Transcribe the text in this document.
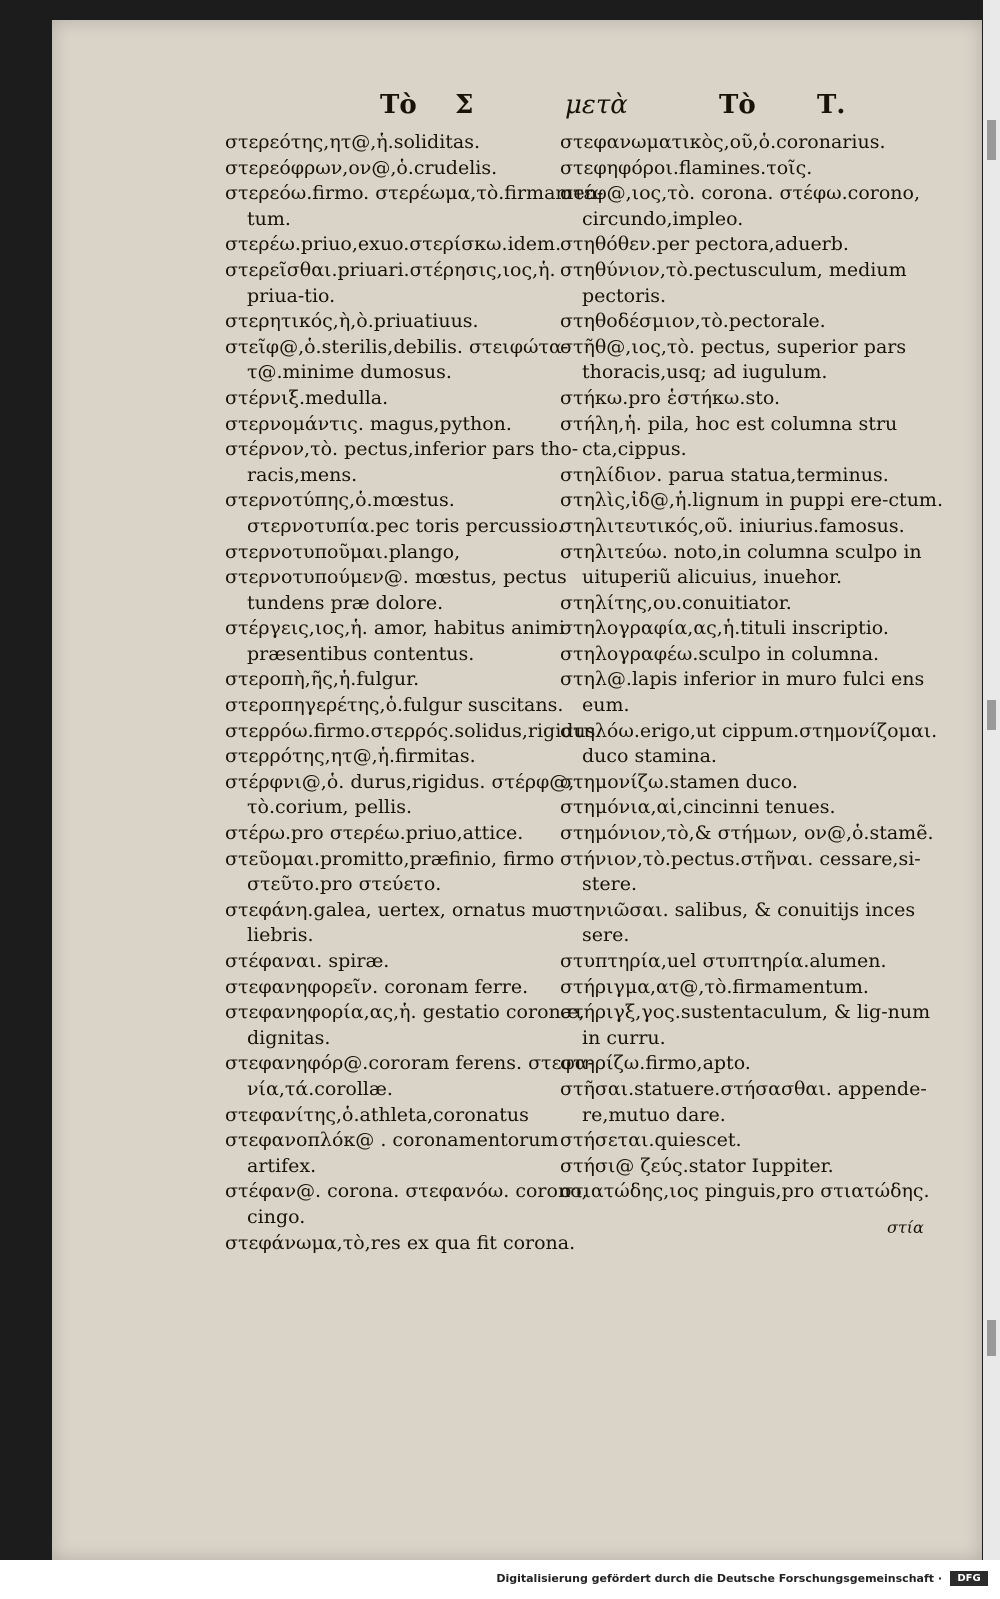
Τὸ Σ	μετὰ	Τὸ Τ.
στερεότης,ητ@,ἡ.soliditas.
στερεόφρων,ον@,ὁ.crudelis.
στερεόω.firmo. στερέωμα,τὸ.firmamen-tum.
στερέω.priuo,exuo.στερίσκω.idem.
στερεῖσθαι.priuari.στέρησις,ιος,ἡ. priua-tio.
στερητικός,ὴ,ὸ.priuatiuus.
στεῖφ@,ὁ.sterilis,debilis. στειφώτα-τ@.minime dumosus.
στέρνιξ.medulla.
στερνομάντις. magus,python.
στέρνον,τὸ. pectus,inferior pars tho-racis,mens.
στερνοτύπης,ὁ.mœstus. στερνοτυπία.pec toris percussio.
στερνοτυποῦμαι.plango,
στερνοτυπούμεν@. mœstus, pectus tundens præ dolore.
στέργεις,ιος,ἡ. amor, habitus animi præsentibus contentus.
στεροπὴ,ῆς,ἡ.fulgur.
στεροπηγερέτης,ὁ.fulgur suscitans.
στερρόω.firmo.στερρός.solidus,rigidus
στερρότης,ητ@,ἡ.firmitas.
στέρφνι@,ὁ. durus,rigidus. στέρφ@, τὸ.corium, pellis.
στέρω.pro στερέω.priuo,attice.
στεῦομαι.promitto,præfinio, firmo στεῦτο.pro στεύετο.
στεφάνη.galea, uertex, ornatus mu liebris.
στέφαναι. spiræ.
στεφανηφορεῖν. coronam ferre.
στεφανηφορία,ας,ἡ. gestatio coronæ, dignitas.
στεφανηφόρ@.cororam ferens. στεφα-νία,τά.corollæ.
στεφανίτης,ὁ.athleta,coronatus
στεφανοπλόκ@ . coronamentorum artifex.
στέφαν@. corona. στεφανόω. corono, cingo.
στεφάνωμα,τὸ,res ex qua fit corona.
στεφανωματικὸς,οῦ,ὁ.coronarius.
στεφηφόροι.flamines.τοῖς.
στέφ@,ιος,τὸ. corona. στέφω.corono, circundo,impleo.
στηθόθεν.per pectora,aduerb.
στηθύνιον,τὸ.pectusculum, medium pectoris.
στηθοδέσμιον,τὸ.pectorale.
στῆθ@,ιος,τὸ. pectus, superior pars thoracis,usq; ad iugulum.
στήκω.pro ἑστήκω.sto.
στήλη,ἡ. pila, hoc est columna stru cta,cippus.
στηλίδιον. parua statua,terminus.
στηλὶς,ἰδ@,ἡ.lignum in puppi ere-ctum.
στηλιτευτικός,οῦ. iniurius.famosus.
στηλιτεύω. noto,in columna sculpo in uituperiũ alicuius, inuehor.
στηλίτης,ου.conuitiator.
στηλογραφία,ας,ἡ.tituli inscriptio.
στηλογραφέω.sculpo in columna.
στηλ@.lapis inferior in muro fulci ens eum.
στηλόω.erigo,ut cippum.στημονίζομαι. duco stamina.
στημονίζω.stamen duco.
στημόνια,αἱ,cincinni tenues.
στημόνιον,τὸ,& στήμων, ον@,ὁ.stamẽ.
στήνιον,τὸ.pectus.στῆναι. cessare,si-stere.
στηνιῶσαι. salibus, & conuitijs inces sere.
στυπτηρία,uel στυπτηρία.alumen.
στήριγμα,ατ@,τὸ.firmamentum.
στήριγξ,γος.sustentaculum, & lig-num in curru.
στηρίζω.firmo,apto.
στῆσαι.statuere.στήσασθαι. appende-re,mutuo dare.
στήσεται.quiescet.
στήσι@ ζεύς.stator Iuppiter.
στιατώδης,ιος pinguis,pro στιατώδης.
στία
Digitalisierung gefördert durch die Deutsche Forschungsgemeinschaft ·	DFG
